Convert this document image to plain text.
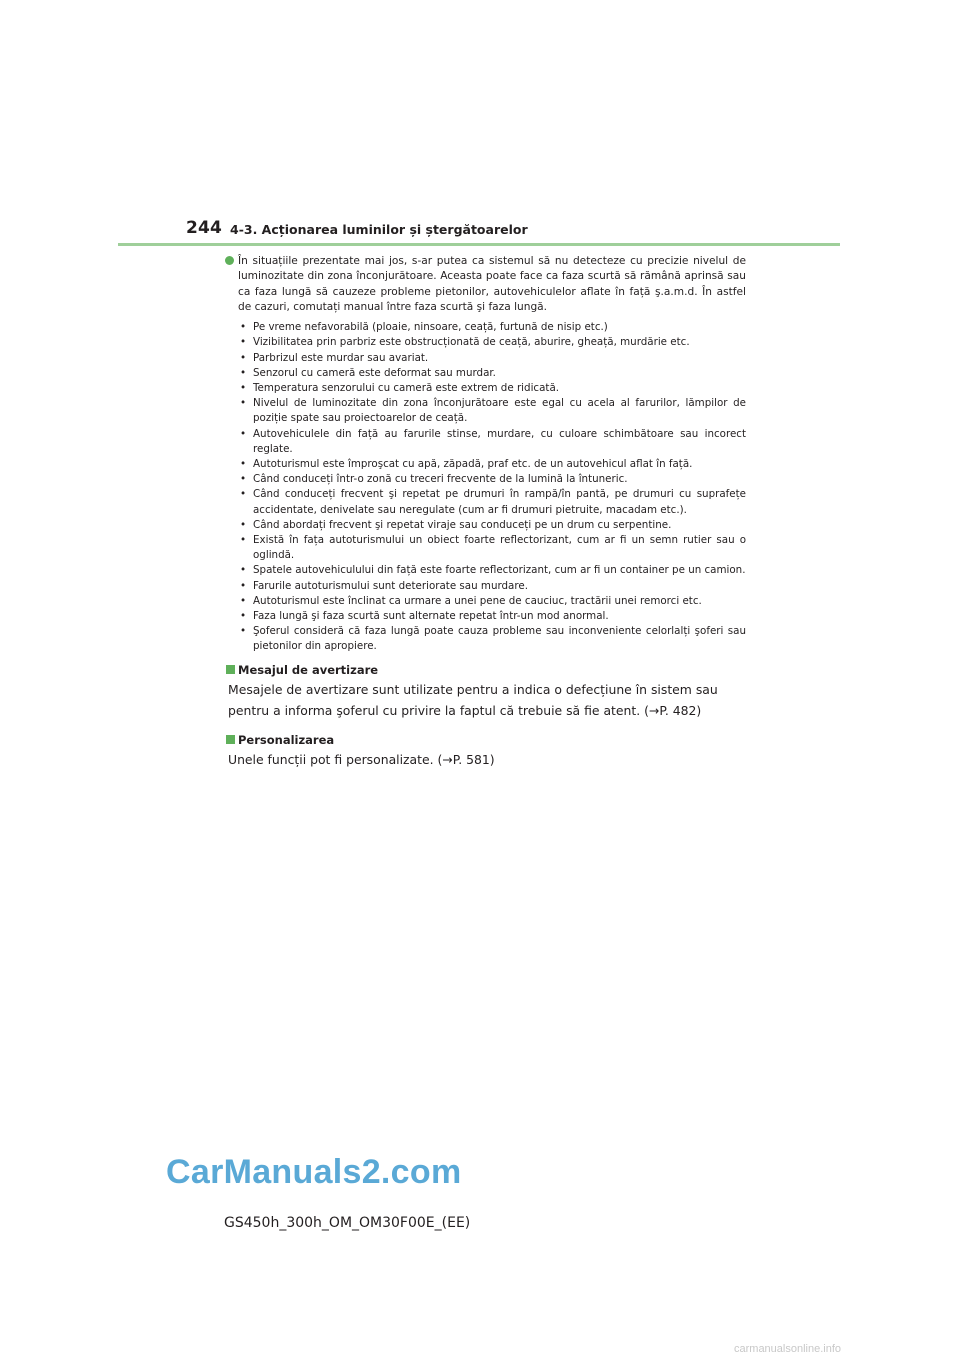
244 4-3. Acționarea luminilor și ștergătoarelor
În situațiile prezentate mai jos, s-ar putea ca sistemul să nu detecteze cu precizie nivelul de luminozitate din zona înconjurătoare. Aceasta poate face ca faza scurtă să rămână aprinsă sau ca faza lungă să cauzeze probleme pietonilor, autovehiculelor aflate în față ş.a.m.d. În astfel de cazuri, comutați manual între faza scurtă şi faza lungă.
• Pe vreme nefavorabilă (ploaie, ninsoare, ceață, furtună de nisip etc.)
• Vizibilitatea prin parbriz este obstrucționată de ceață, aburire, gheață, murdărie etc.
• Parbrizul este murdar sau avariat.
• Senzorul cu cameră este deformat sau murdar.
• Temperatura senzorului cu cameră este extrem de ridicată.
• Nivelul de luminozitate din zona înconjurătoare este egal cu acela al farurilor, lămpilor de poziție spate sau proiectoarelor de ceață.
• Autovehiculele din față au farurile stinse, murdare, cu culoare schimbătoare sau incorect reglate.
• Autoturismul este împroşcat cu apă, zăpadă, praf etc. de un autovehicul aflat în față.
• Când conduceți într-o zonă cu treceri frecvente de la lumină la întuneric.
• Când conduceți frecvent şi repetat pe drumuri în rampă/în pantă, pe drumuri cu suprafețe accidentate, denivelate sau neregulate (cum ar fi drumuri pietruite, macadam etc.).
• Când abordați frecvent şi repetat viraje sau conduceți pe un drum cu serpentine.
• Există în fața autoturismului un obiect foarte reflectorizant, cum ar fi un semn rutier sau o oglindă.
• Spatele autovehiculului din față este foarte reflectorizant, cum ar fi un container pe un camion.
• Farurile autoturismului sunt deteriorate sau murdare.
• Autoturismul este înclinat ca urmare a unei pene de cauciuc, tractării unei remorci etc.
• Faza lungă şi faza scurtă sunt alternate repetat într-un mod anormal.
• Şoferul consideră că faza lungă poate cauza probleme sau inconveniente celorlalți şoferi sau pietonilor din apropiere.
Mesajul de avertizare
Mesajele de avertizare sunt utilizate pentru a indica o defecțiune în sistem sau pentru a informa şoferul cu privire la faptul că trebuie să fie atent. (→P. 482)
Personalizarea
Unele funcții pot fi personalizate. (→P. 581)
CarManuals2.com
GS450h_300h_OM_OM30F00E_(EE)
carmanualsonline.info
